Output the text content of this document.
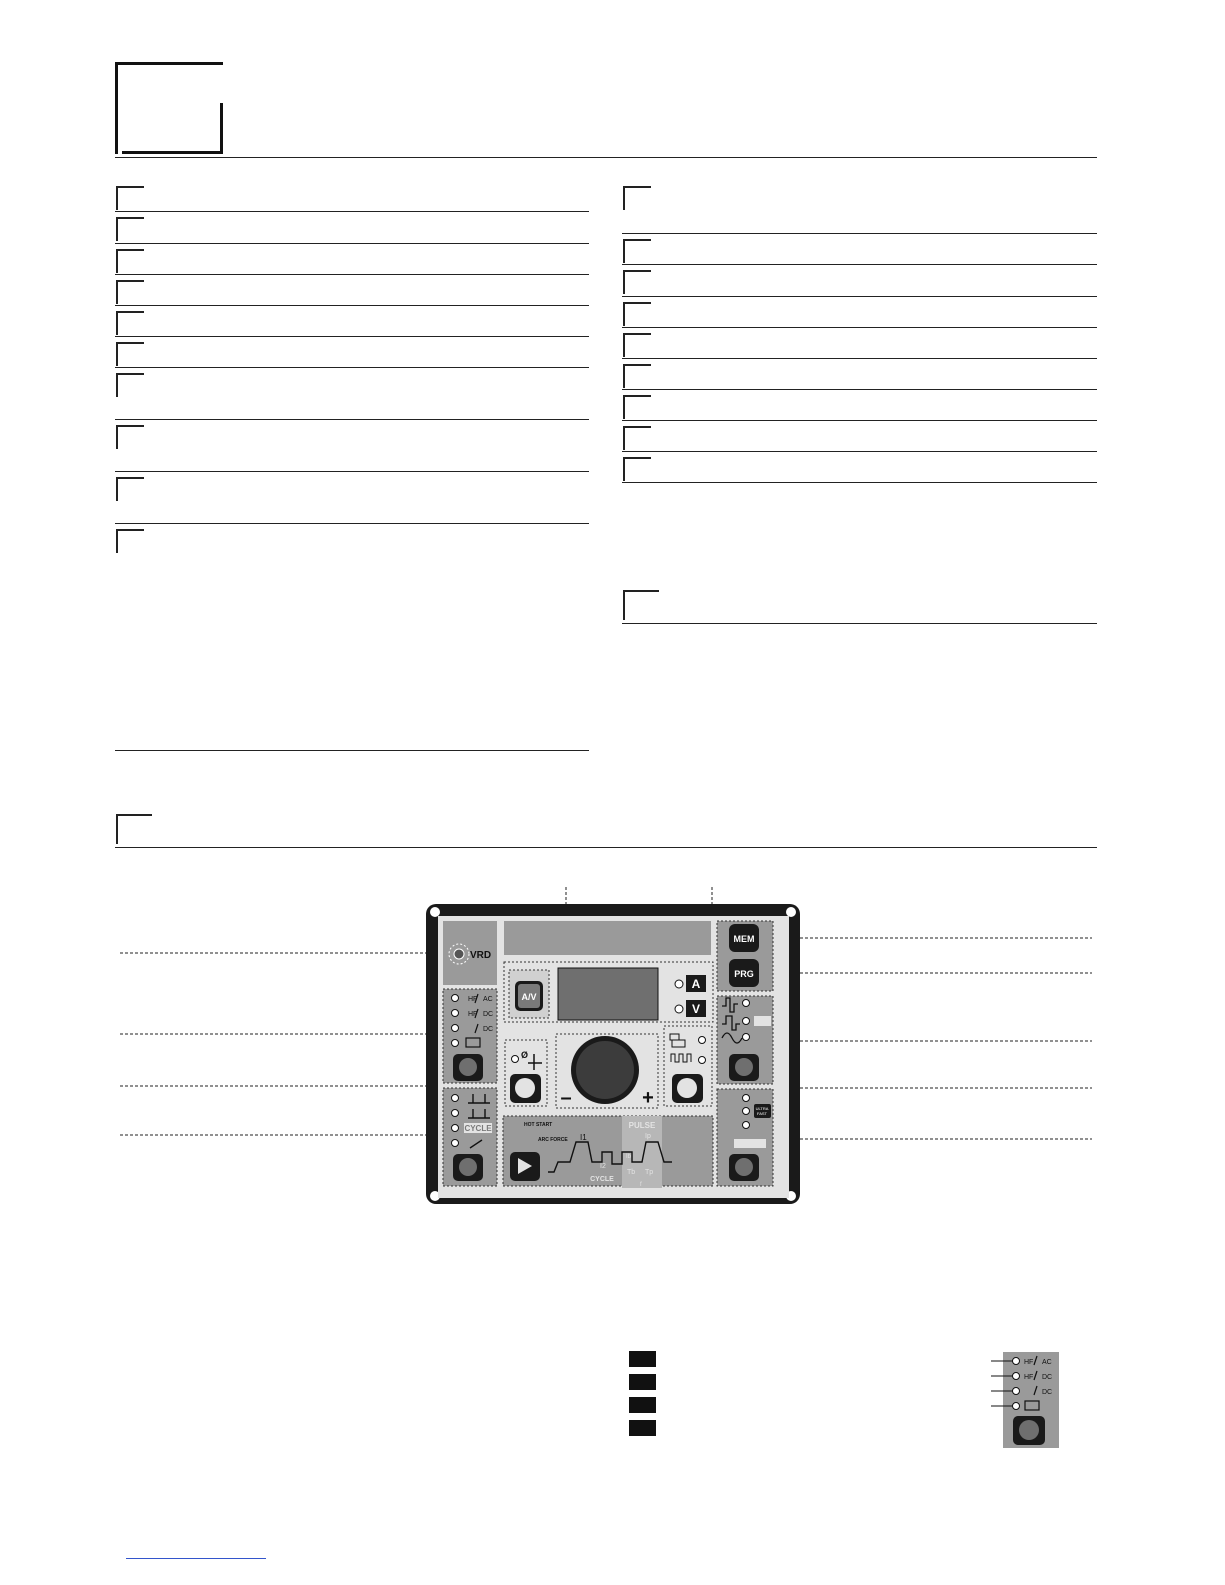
VRD
A/V
A
V
MEM
PRG
HF AC
HF DC
DC
CYCLE
Ø
–	+	ULTRA
FAST
HOT START
ARC FORCE
PULSE
I1
I2
CYCLE
Ip
Ib
Tb Tp
f
HF AC
HF DC
DC
